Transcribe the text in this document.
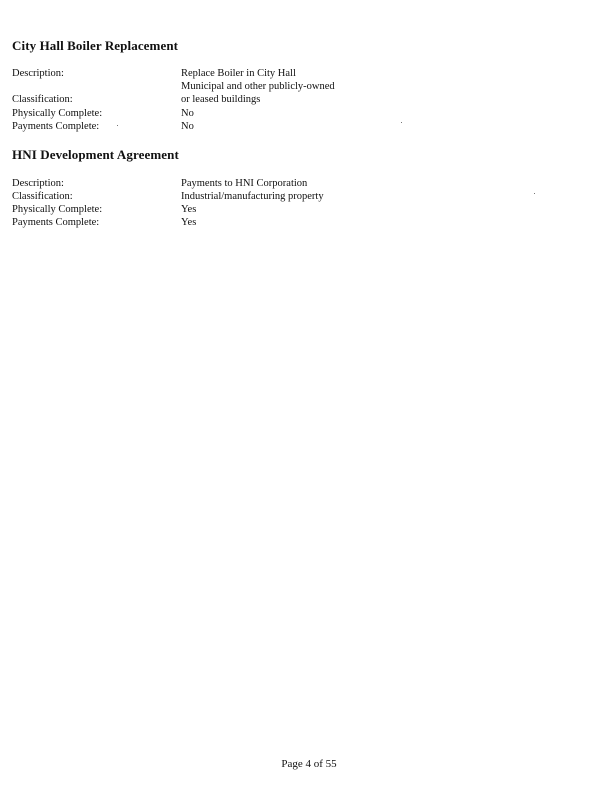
City Hall Boiler Replacement
Description:	Replace Boiler in City Hall
Municipal and other publicly-owned
Classification:	or leased buildings
Physically Complete:	No
Payments Complete:	No
HNI Development Agreement
Description:	Payments to HNI Corporation
Classification:	Industrial/manufacturing property
Physically Complete:	Yes
Payments Complete:	Yes
Page 4 of 55
